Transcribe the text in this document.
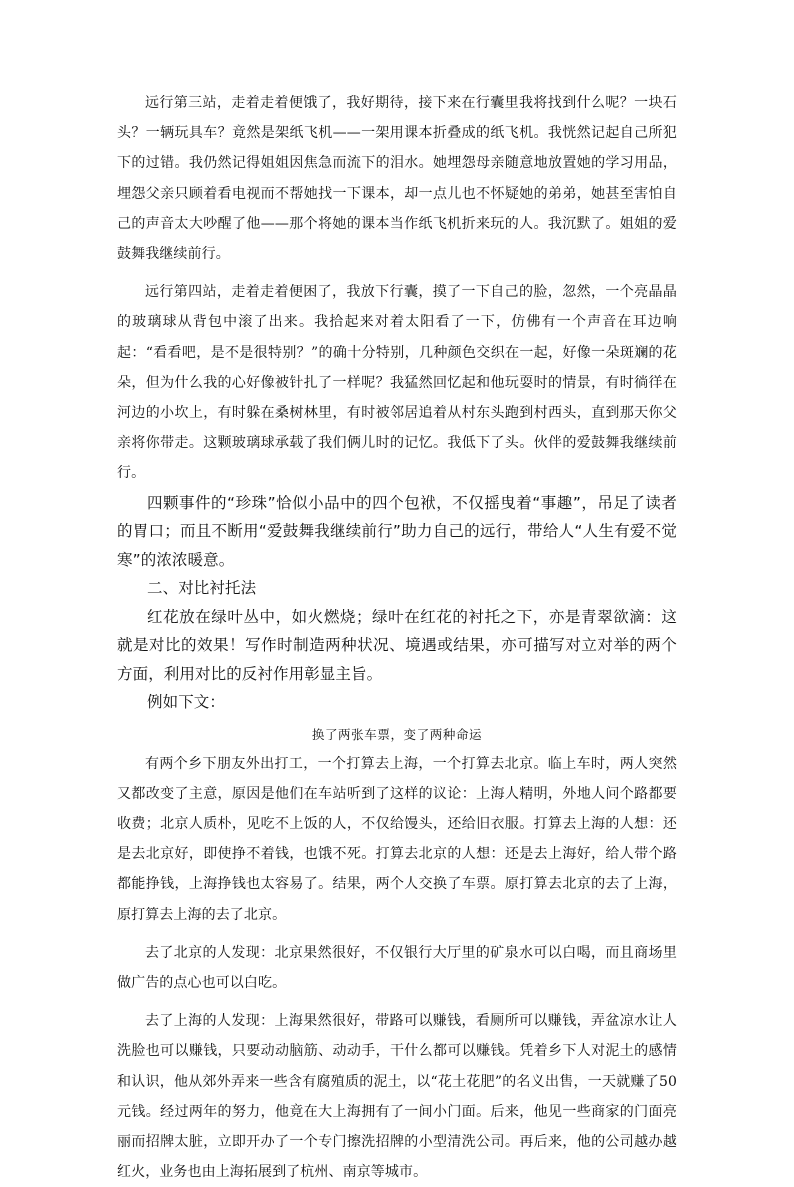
远行第三站，走着走着便饿了，我好期待，接下来在行囊里我将找到什么呢？一块石头？一辆玩具车？竟然是架纸飞机——一架用课本折叠成的纸飞机。我恍然记起自己所犯下的过错。我仍然记得姐姐因焦急而流下的泪水。她埋怨母亲随意地放置她的学习用品，埋怨父亲只顾着看电视而不帮她找一下课本，却一点儿也不怀疑她的弟弟，她甚至害怕自己的声音太大吵醒了他——那个将她的课本当作纸飞机折来玩的人。我沉默了。姐姐的爱鼓舞我继续前行。

远行第四站，走着走着便困了，我放下行囊，摸了一下自己的脸，忽然，一个亮晶晶的玻璃球从背包中滚了出来。我拾起来对着太阳看了一下，仿佛有一个声音在耳边响起：“看看吧，是不是很特别？”的确十分特别，几种颜色交织在一起，好像一朵斑斓的花朵，但为什么我的心好像被针扎了一样呢？我猛然回忆起和他玩耍时的情景，有时徜徉在河边的小坎上，有时躲在桑树林里，有时被邻居追着从村东头跑到村西头，直到那天你父亲将你带走。这颗玻璃球承载了我们俩儿时的记忆。我低下了头。伙伴的爱鼓舞我继续前行。

四颗事件的“珍珠”恰似小品中的四个包袱，不仅摇曳着“事趣”，吊足了读者的胃口；而且不断用“爱鼓舞我继续前行”助力自己的远行，带给人“人生有爱不觉寒”的浓浓暖意。

二、对比衬托法

红花放在绿叶丛中，如火燃烧；绿叶在红花的衬托之下，亦是青翠欲滴：这就是对比的效果！写作时制造两种状况、境遇或结果，亦可描写对立对举的两个方面，利用对比的反衬作用彰显主旨。

例如下文：

换了两张车票，变了两种命运

有两个乡下朋友外出打工，一个打算去上海，一个打算去北京。临上车时，两人突然又都改变了主意，原因是他们在车站听到了这样的议论：上海人精明，外地人问个路都要收费；北京人质朴，见吃不上饭的人，不仅给馒头，还给旧衣服。打算去上海的人想：还是去北京好，即使挣不着钱，也饿不死。打算去北京的人想：还是去上海好，给人带个路都能挣钱，上海挣钱也太容易了。结果，两个人交换了车票。原打算去北京的去了上海，原打算去上海的去了北京。

去了北京的人发现：北京果然很好，不仅银行大厅里的矿泉水可以白喝，而且商场里做广告的点心也可以白吃。

去了上海的人发现：上海果然很好，带路可以赚钱，看厕所可以赚钱，弄盆凉水让人洗脸也可以赚钱，只要动动脑筋、动动手，干什么都可以赚钱。凭着乡下人对泥土的感情和认识，他从郊外弄来一些含有腐殖质的泥土，以“花土花肥”的名义出售，一天就赚了50元钱。经过两年的努力，他竟在大上海拥有了一间小门面。后来，他见一些商家的门面亮丽而招牌太脏，立即开办了一个专门擦洗招牌的小型清洗公司。再后来，他的公司越办越红火，业务也由上海拓展到了杭州、南京等城市。
